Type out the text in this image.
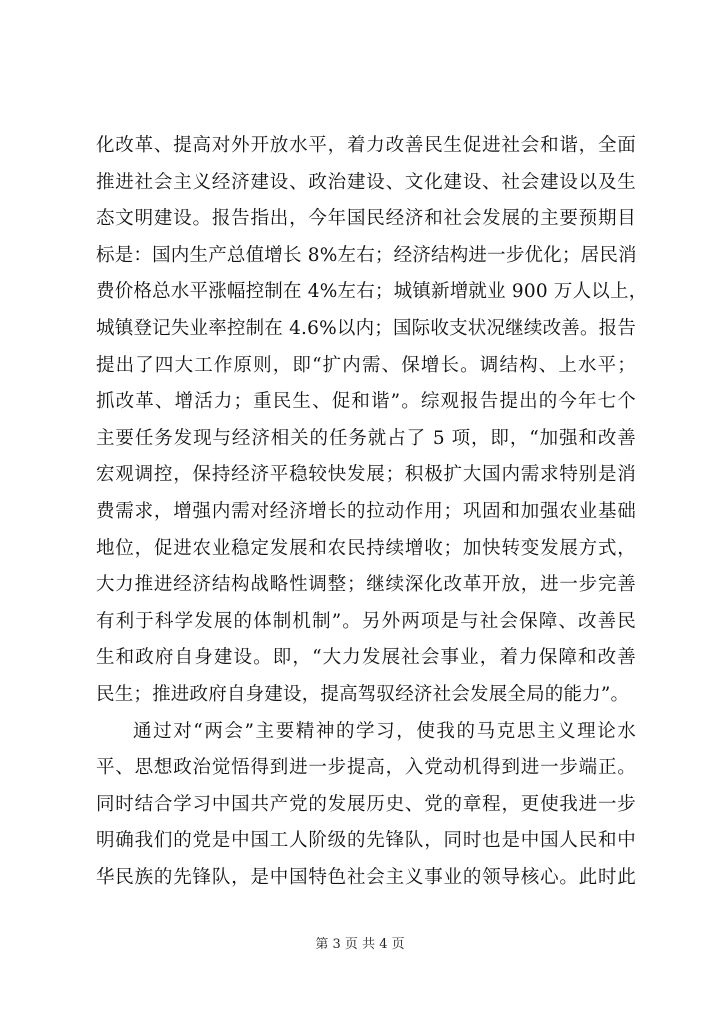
化改革、提高对外开放水平，着力改善民生促进社会和谐，全面
推进社会主义经济建设、政治建设、文化建设、社会建设以及生
态文明建设。报告指出，今年国民经济和社会发展的主要预期目
标是：国内生产总值增长 8%左右；经济结构进一步优化；居民消
费价格总水平涨幅控制在 4%左右；城镇新增就业 900 万人以上，
城镇登记失业率控制在 4.6%以内；国际收支状况继续改善。报告
提出了四大工作原则，即“扩内需、保增长。调结构、上水平；
抓改革、增活力；重民生、促和谐”。综观报告提出的今年七个
主要任务发现与经济相关的任务就占了 5 项，即，“加强和改善
宏观调控，保持经济平稳较快发展；积极扩大国内需求特别是消
费需求，增强内需对经济增长的拉动作用；巩固和加强农业基础
地位，促进农业稳定发展和农民持续增收；加快转变发展方式，
大力推进经济结构战略性调整；继续深化改革开放，进一步完善
有利于科学发展的体制机制”。另外两项是与社会保障、改善民
生和政府自身建设。即，“大力发展社会事业，着力保障和改善
民生；推进政府自身建设，提高驾驭经济社会发展全局的能力”。
通过对“两会”主要精神的学习，使我的马克思主义理论水
平、思想政治觉悟得到进一步提高，入党动机得到进一步端正。
同时结合学习中国共产党的发展历史、党的章程，更使我进一步
明确我们的党是中国工人阶级的先锋队，同时也是中国人民和中
华民族的先锋队，是中国特色社会主义事业的领导核心。此时此
第 3 页 共 4 页
